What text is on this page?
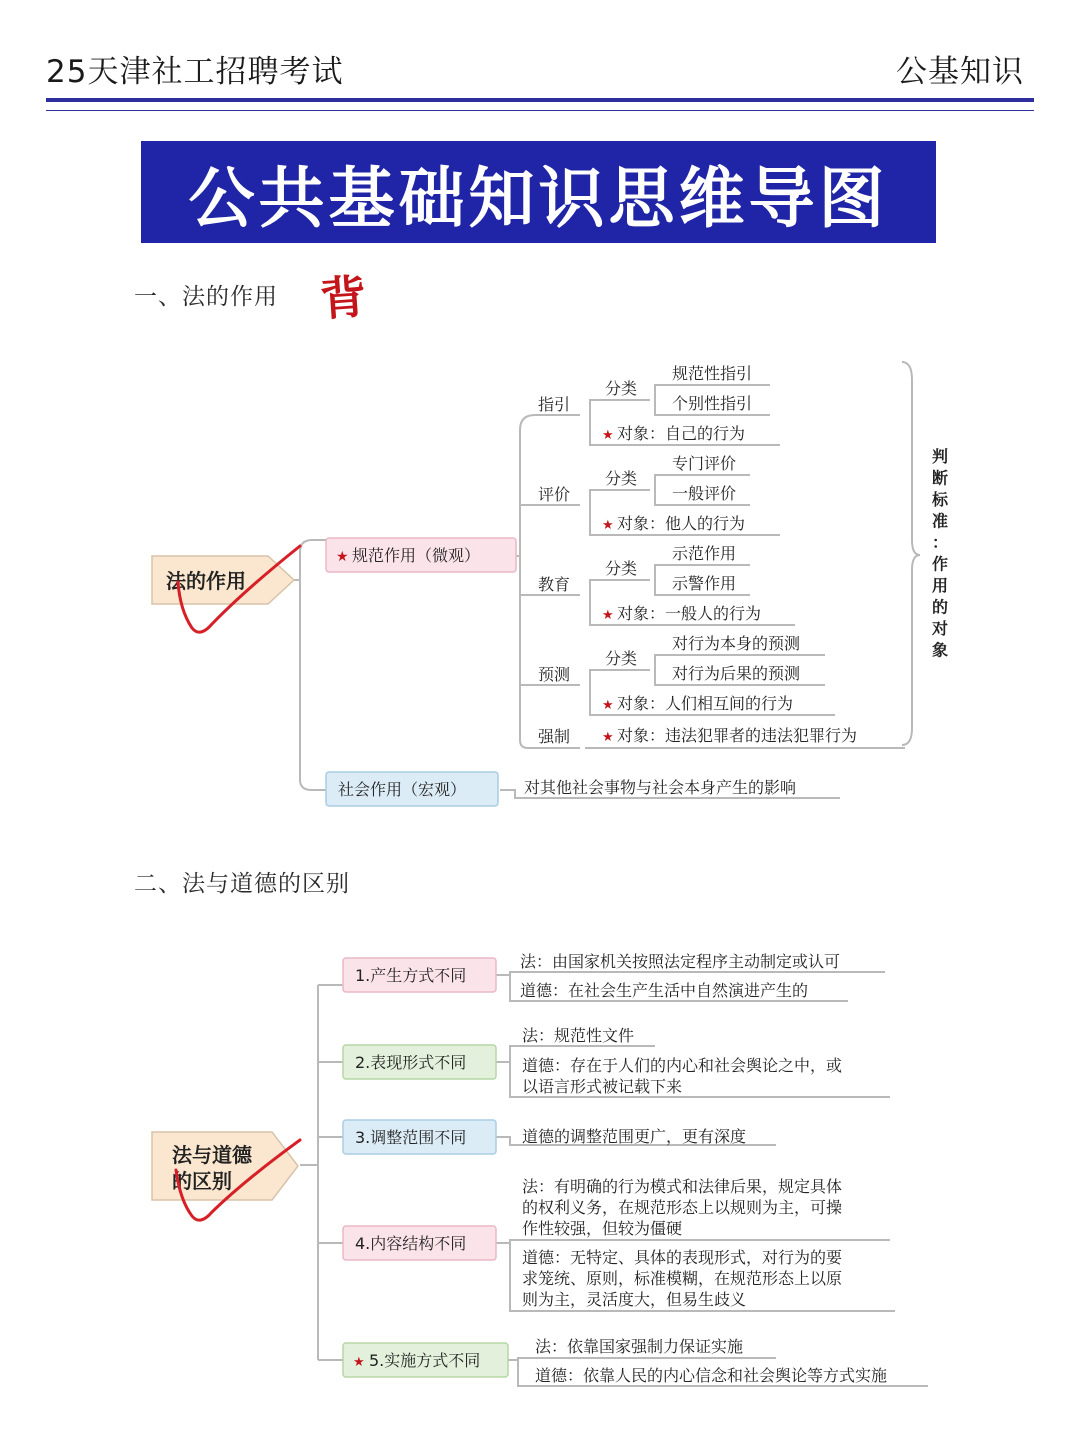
25天津社工招聘考试	公基知识
公共基础知识思维导图
一、法的作用 背
二、法与道德的区别
法的作用
★ 规范作用（微观）
社会作用（宏观）	对其他社会事物与社会本身产生的影响
指引
评价
教育
预测
强制
分类
分类
分类
分类
规范性指引
个别性指引
专门评价
一般评价
示范作用
示警作用
对行为本身的预测
对行为后果的预测
★ 对象：自己的行为
★ 对象：他人的行为
★ 对象：一般人的行为
★ 对象：人们相互间的行为
★ 对象：违法犯罪者的违法犯罪行为
判
断
标
准
：
作
用
的
对
象
法与道德
的区别
1.产生方式不同
2.表现形式不同
3.调整范围不同
4.内容结构不同
★ 5.实施方式不同
法：由国家机关按照法定程序主动制定或认可
道德：在社会生产生活中自然演进产生的
法：规范性文件
道德：存在于人们的内心和社会舆论之中，或
以语言形式被记载下来
道德的调整范围更广，更有深度
法：有明确的行为模式和法律后果，规定具体
的权利义务，在规范形态上以规则为主，可操
作性较强，但较为僵硬
道德：无特定、具体的表现形式，对行为的要
求笼统、原则，标准模糊，在规范形态上以原
则为主，灵活度大，但易生歧义
法：依靠国家强制力保证实施
道德：依靠人民的内心信念和社会舆论等方式实施
